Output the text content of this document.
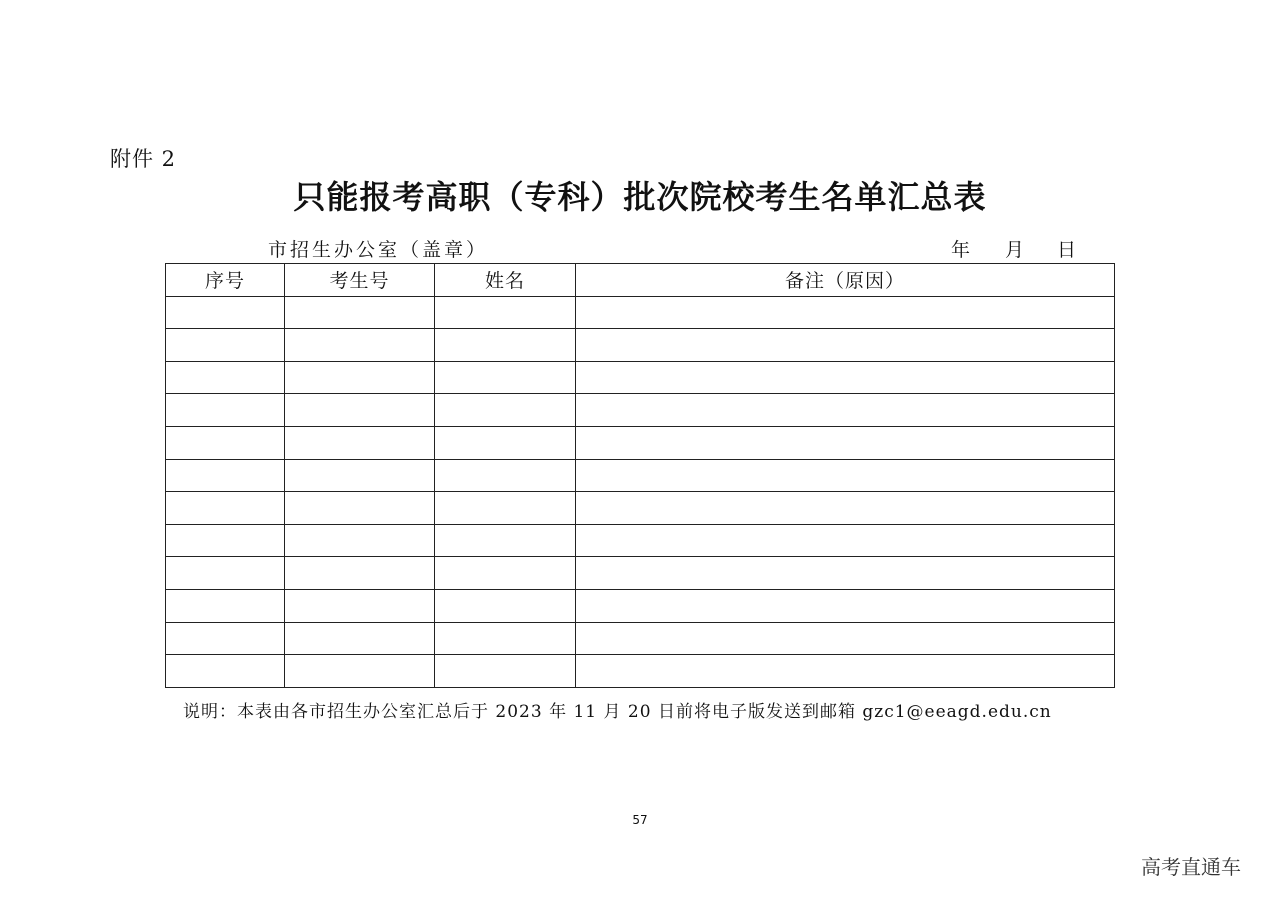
附件 2
只能报考高职（专科）批次院校考生名单汇总表
市招生办公室（盖章）	年	月	日
序号	考生号	姓名	备注（原因）

说明：本表由各市招生办公室汇总后于 2023 年 11 月 20 日前将电子版发送到邮箱 gzc1@eeagd.edu.cn
57
高考直通车
